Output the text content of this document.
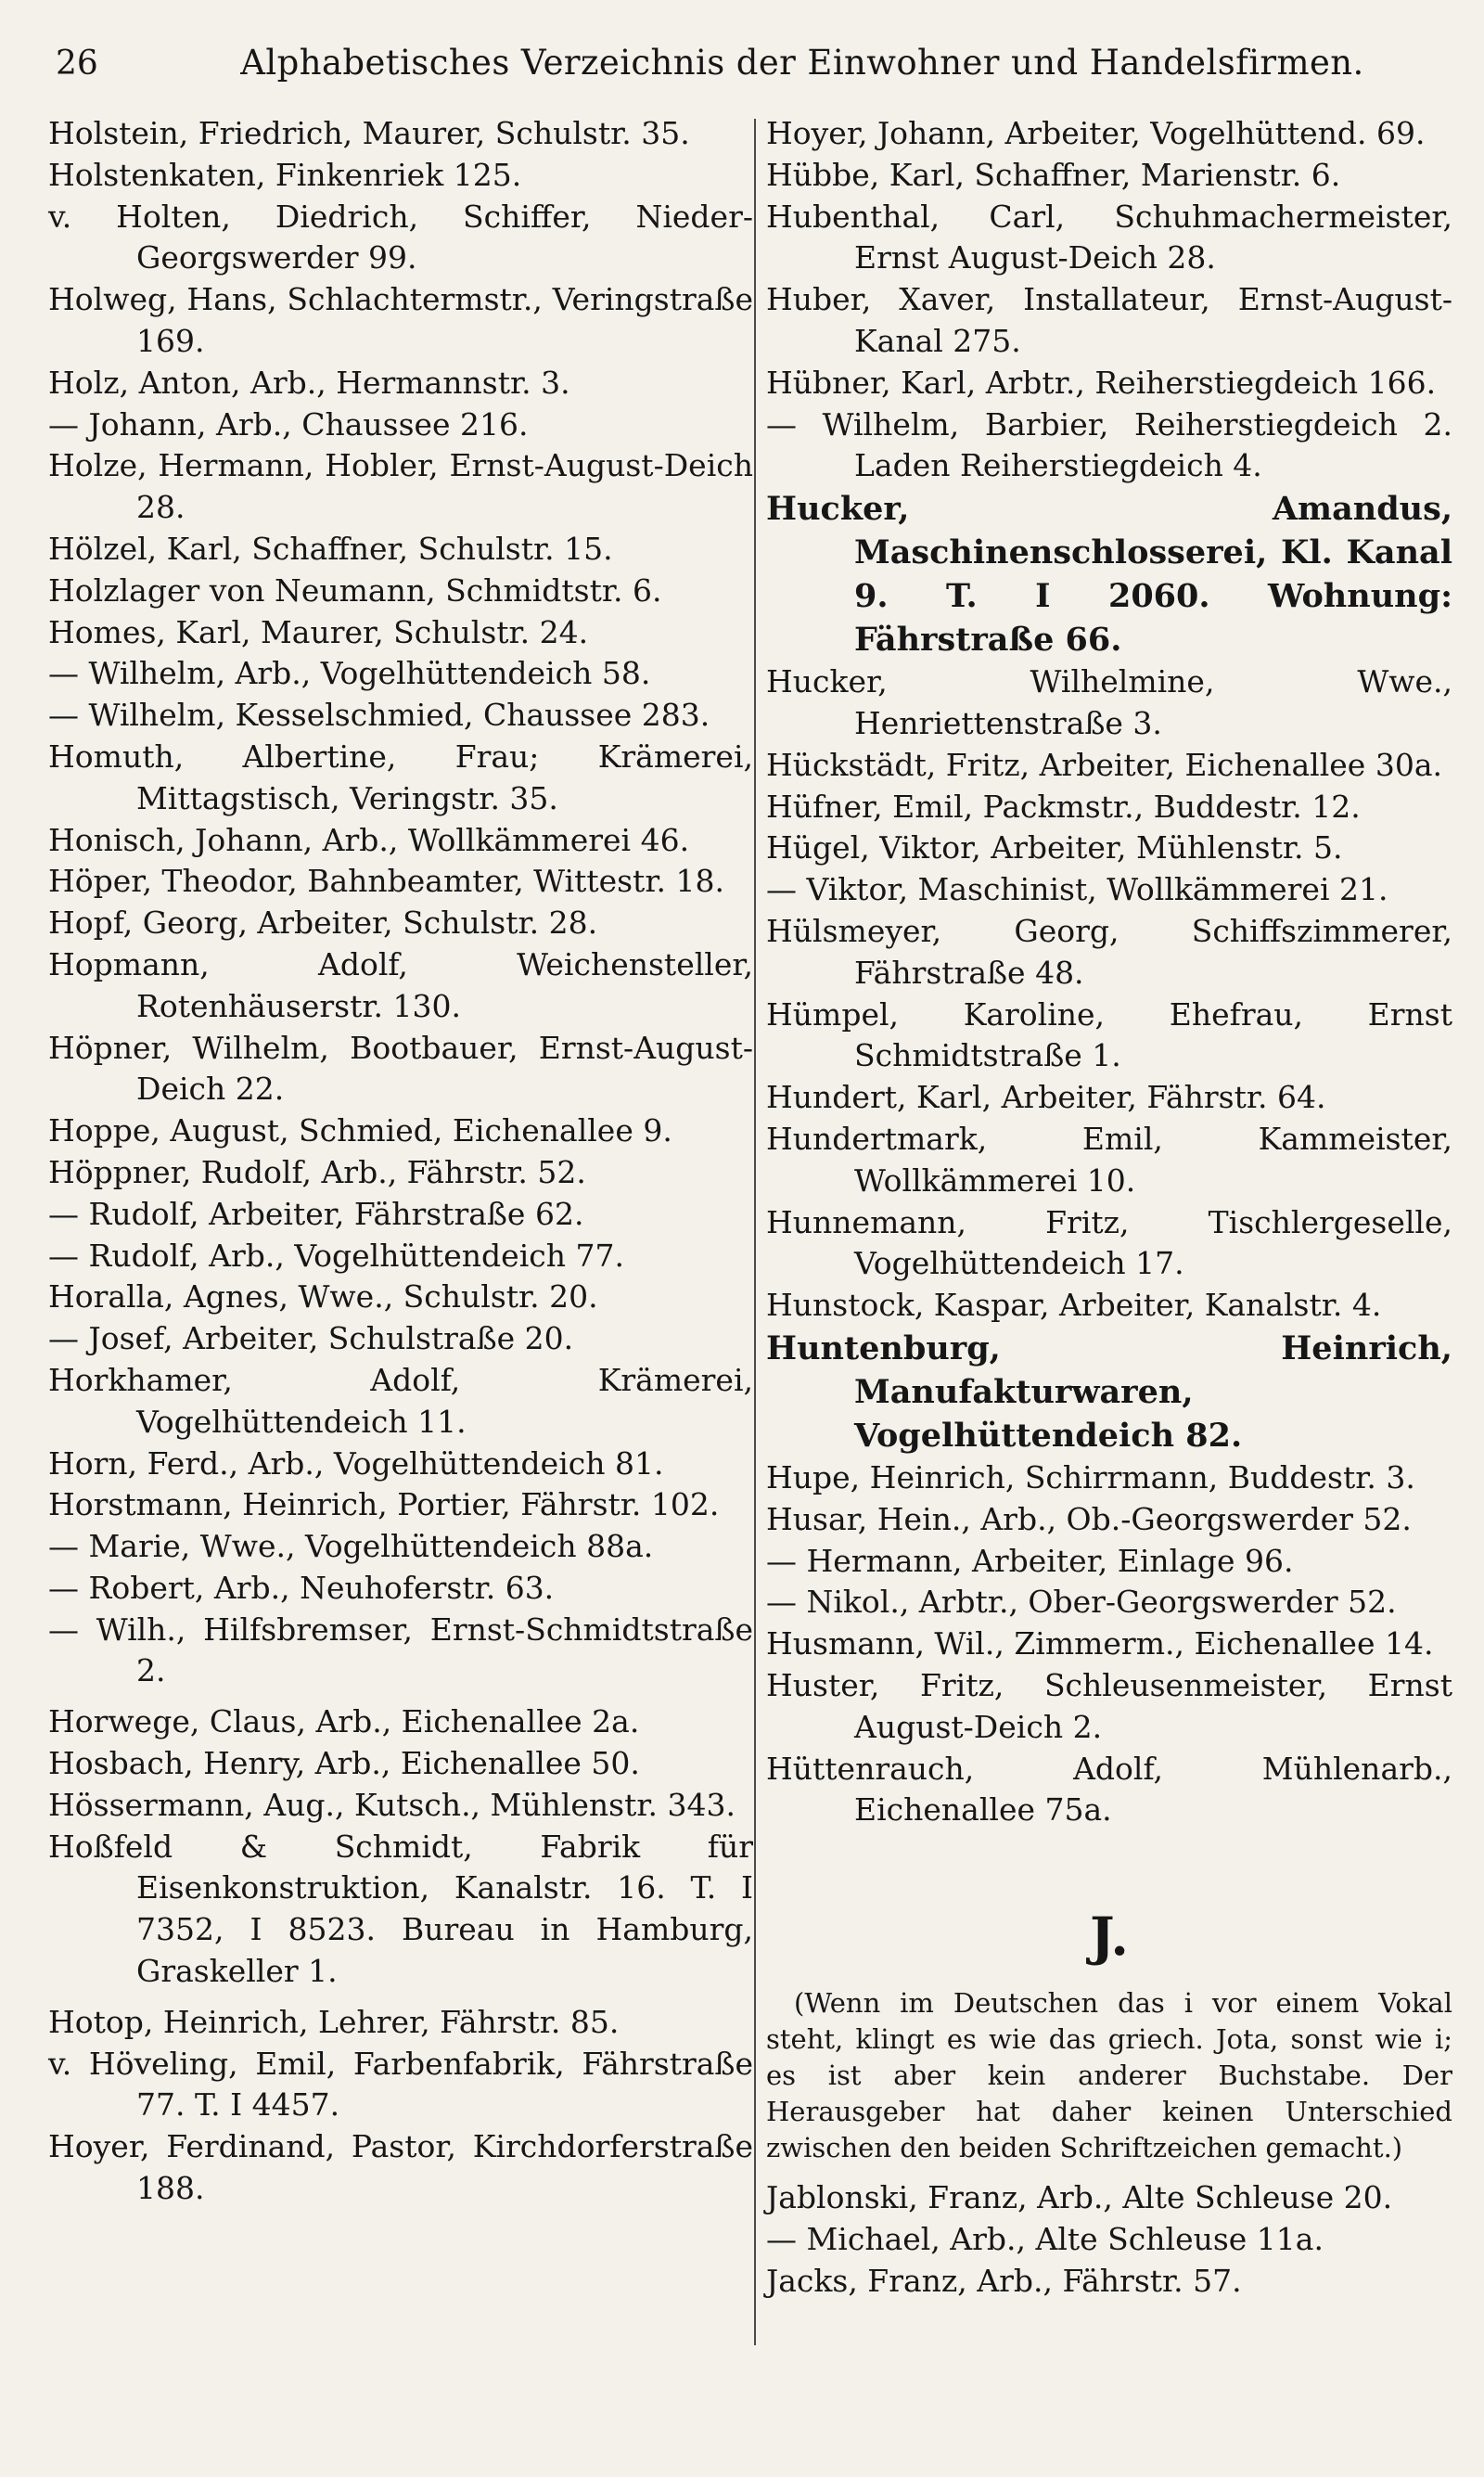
26	Alphabetisches Verzeichnis der Einwohner und Handelsfirmen.

Holstein, Friedrich, Maurer, Schulstr. 35.

Holstenkaten, Finkenriek 125.

v. Holten, Diedrich, Schiffer, Nieder-Georgswerder 99.

Holweg, Hans, Schlachtermstr., Veringstraße 169.

Holz, Anton, Arb., Hermannstr. 3.

— Johann, Arb., Chaussee 216.

Holze, Hermann, Hobler, Ernst-August-Deich 28.

Hölzel, Karl, Schaffner, Schulstr. 15.

Holzlager von Neumann, Schmidtstr. 6.

Homes, Karl, Maurer, Schulstr. 24.

— Wilhelm, Arb., Vogelhüttendeich 58.

— Wilhelm, Kesselschmied, Chaussee 283.

Homuth, Albertine, Frau; Krämerei, Mittagstisch, Veringstr. 35.

Honisch, Johann, Arb., Wollkämmerei 46.

Höper, Theodor, Bahnbeamter, Wittestr. 18.

Hopf, Georg, Arbeiter, Schulstr. 28.

Hopmann, Adolf, Weichensteller, Rotenhäuserstr. 130.

Höpner, Wilhelm, Bootbauer, Ernst-August-Deich 22.

Hoppe, August, Schmied, Eichenallee 9.

Höppner, Rudolf, Arb., Fährstr. 52.

— Rudolf, Arbeiter, Fährstraße 62.

— Rudolf, Arb., Vogelhüttendeich 77.

Horalla, Agnes, Wwe., Schulstr. 20.

— Josef, Arbeiter, Schulstraße 20.

Horkhamer, Adolf, Krämerei, Vogelhüttendeich 11.

Horn, Ferd., Arb., Vogelhüttendeich 81.

Horstmann, Heinrich, Portier, Fährstr. 102.

— Marie, Wwe., Vogelhüttendeich 88a.

— Robert, Arb., Neuhoferstr. 63.

— Wilh., Hilfsbremser, Ernst-Schmidtstraße 2.

Horwege, Claus, Arb., Eichenallee 2a.

Hosbach, Henry, Arb., Eichenallee 50.

Hössermann, Aug., Kutsch., Mühlenstr. 343.

Hoßfeld & Schmidt, Fabrik für Eisenkonstruktion, Kanalstr. 16. T. I 7352, I 8523. Bureau in Hamburg, Graskeller 1.

Hotop, Heinrich, Lehrer, Fährstr. 85.

v. Höveling, Emil, Farbenfabrik, Fährstraße 77. T. I 4457.

Hoyer, Ferdinand, Pastor, Kirchdorferstraße 188.

Hoyer, Johann, Arbeiter, Vogelhüttend. 69.

Hübbe, Karl, Schaffner, Marienstr. 6.

Hubenthal, Carl, Schuhmachermeister, Ernst August-Deich 28.

Huber, Xaver, Installateur, Ernst-August-Kanal 275.

Hübner, Karl, Arbtr., Reiherstiegdeich 166.

— Wilhelm, Barbier, Reiherstiegdeich 2. Laden Reiherstiegdeich 4.

Hucker, Amandus, Maschinenschlosserei, Kl. Kanal 9. T. I 2060. Wohnung: Fährstraße 66.

Hucker, Wilhelmine, Wwe., Henriettenstraße 3.

Hückstädt, Fritz, Arbeiter, Eichenallee 30a.

Hüfner, Emil, Packmstr., Buddestr. 12.

Hügel, Viktor, Arbeiter, Mühlenstr. 5.

— Viktor, Maschinist, Wollkämmerei 21.

Hülsmeyer, Georg, Schiffszimmerer, Fährstraße 48.

Hümpel, Karoline, Ehefrau, Ernst Schmidtstraße 1.

Hundert, Karl, Arbeiter, Fährstr. 64.

Hundertmark, Emil, Kammeister, Wollkämmerei 10.

Hunnemann, Fritz, Tischlergeselle, Vogelhüttendeich 17.

Hunstock, Kaspar, Arbeiter, Kanalstr. 4.

Huntenburg, Heinrich, Manufakturwaren, Vogelhüttendeich 82.

Hupe, Heinrich, Schirrmann, Buddestr. 3.

Husar, Hein., Arb., Ob.-Georgswerder 52.

— Hermann, Arbeiter, Einlage 96.

— Nikol., Arbtr., Ober-Georgswerder 52.

Husmann, Wil., Zimmerm., Eichenallee 14.

Huster, Fritz, Schleusenmeister, Ernst August-Deich 2.

Hüttenrauch, Adolf, Mühlenarb., Eichenallee 75a.

J.

(Wenn im Deutschen das i vor einem Vokal steht, klingt es wie das griech. Jota, sonst wie i; es ist aber kein anderer Buchstabe. Der Herausgeber hat daher keinen Unterschied zwischen den beiden Schriftzeichen gemacht.)

Jablonski, Franz, Arb., Alte Schleuse 20.

— Michael, Arb., Alte Schleuse 11a.

Jacks, Franz, Arb., Fährstr. 57.
